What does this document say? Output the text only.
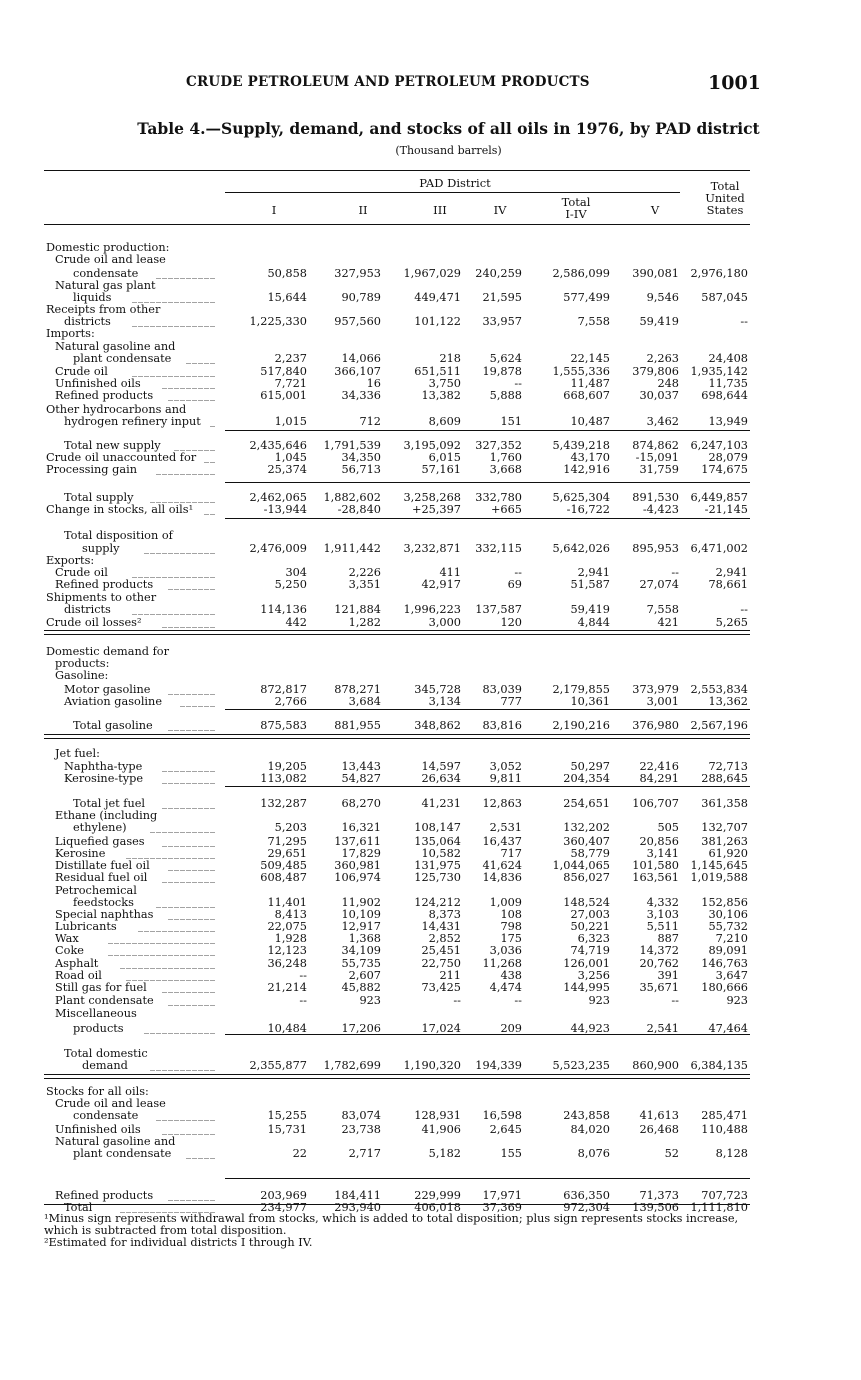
CRUDE PETROLEUM AND PETROLEUM PRODUCTS	1001
Table 4.—Supply, demand, and stocks of all oils in 1976, by PAD district
(Thousand barrels)
PAD District
I	II	III	IV
Total I-IV	V
Total United States
Domestic production:
Crude oil and lease
condensate __________	50,858	327,953	1,967,029	240,259	2,586,099	390,081	2,976,180
Natural gas plant
liquids ______________	15,644	90,789	449,471	21,595	577,499	9,546	587,045
Receipts from other
districts ______________	1,225,330	957,560	101,122	33,957	7,558	59,419	--
Imports:
Natural gasoline and
plant condensate _____	2,237	14,066	218	5,624	22,145	2,263	24,408
Crude oil ______________	517,840	366,107	651,511	19,878	1,555,336	379,806	1,935,142
Unfinished oils _________	7,721	16	3,750	--	11,487	248	11,735
Refined products ________	615,001	34,336	13,382	5,888	668,607	30,037	698,644
Other hydrocarbons and
hydrogen refinery input _	1,015	712	8,609	151	10,487	3,462	13,949
Total new supply _______	2,435,646	1,791,539	3,195,092	327,352	5,439,218	874,862	6,247,103
Crude oil unaccounted for __	1,045	34,350	6,015	1,760	43,170	-15,091	28,079
Processing gain __________	25,374	56,713	57,161	3,668	142,916	31,759	174,675
Total supply ___________	2,462,065	1,882,602	3,258,268	332,780	5,625,304	891,530	6,449,857
Change in stocks, all oils¹ __	-13,944	-28,840	+25,397	+665	-16,722	-4,423	-21,145
Total disposition of
supply ____________	2,476,009	1,911,442	3,232,871	332,115	5,642,026	895,953	6,471,002
Exports:
Crude oil ______________	304	2,226	411	--	2,941	--	2,941
Refined products ________	5,250	3,351	42,917	69	51,587	27,074	78,661
Shipments to other
districts ______________	114,136	121,884	1,996,223	137,587	59,419	7,558	--
Crude oil losses² _________	442	1,282	3,000	120	4,844	421	5,265
Domestic demand for
products:
Gasoline:
Motor gasoline ________	872,817	878,271	345,728	83,039	2,179,855	373,979	2,553,834
Aviation gasoline ______	2,766	3,684	3,134	777	10,361	3,001	13,362
Total gasoline ________	875,583	881,955	348,862	83,816	2,190,216	376,980	2,567,196
Jet fuel:
Naphtha-type _________	19,205	13,443	14,597	3,052	50,297	22,416	72,713
Kerosine-type _________	113,082	54,827	26,634	9,811	204,354	84,291	288,645
Total jet fuel _________	132,287	68,270	41,231	12,863	254,651	106,707	361,358
Ethane (including
ethylene) ___________	5,203	16,321	108,147	2,531	132,202	505	132,707
Liquefied gases _________	71,295	137,611	135,064	16,437	360,407	20,856	381,263
Kerosine _______________	29,651	17,829	10,582	717	58,779	3,141	61,920
Distillate fuel oil ________	509,485	360,981	131,975	41,624	1,044,065	101,580	1,145,645
Residual fuel oil _________	608,487	106,974	125,730	14,836	856,027	163,561	1,019,588
Petrochemical
feedstocks __________	11,401	11,902	124,212	1,009	148,524	4,332	152,856
Special naphthas ________	8,413	10,109	8,373	108	27,003	3,103	30,106
Lubricants _____________	22,075	12,917	14,431	798	50,221	5,511	55,732
Wax	__________________	1,928	1,368	2,852	175	6,323	887	7,210
Coke __________________	12,123	34,109	25,451	3,036	74,719	14,372	89,091
Asphalt ________________	36,248	55,735	22,750	11,268	126,001	20,762	146,763
Road oil _______________	--	2,607	211	438	3,256	391	3,647
Still gas for fuel _________	21,214	45,882	73,425	4,474	144,995	35,671	180,666
Plant condensate ________	--	923	--	--	923	--	923
Miscellaneous
products ____________	10,484	17,206	17,024	209	44,923	2,541	47,464
Total domestic
demand ___________	2,355,877	1,782,699	1,190,320	194,339	5,523,235	860,900	6,384,135
Stocks for all oils:
Crude oil and lease
condensate __________	15,255	83,074	128,931	16,598	243,858	41,613	285,471
Unfinished oils _________	15,731	23,738	41,906	2,645	84,020	26,468	110,488
Natural gasoline and
plant condensate _____	22	2,717	5,182	155	8,076	52	8,128
Refined products ________	203,969	184,411	229,999	17,971	636,350	71,373	707,723
Total	________________	234,977	293,940	406,018	37,369	972,304	139,506	1,111,810

¹Minus sign represents withdrawal from stocks, which is added to total disposition; plus sign represents stocks increase, which is subtracted from total disposition.

²Estimated for individual districts I through IV.
